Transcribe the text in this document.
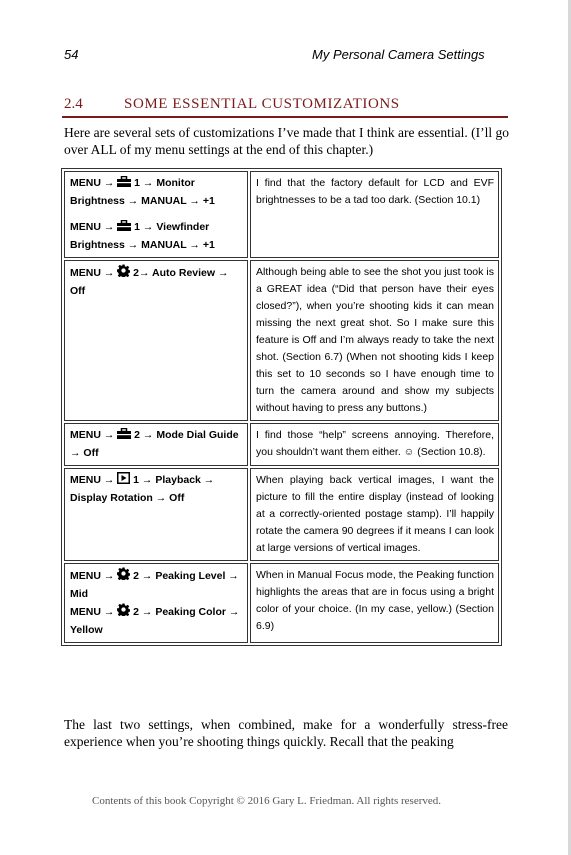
54	My Personal Camera Settings
2.4	SOME ESSENTIAL CUSTOMIZATIONS
Here are several sets of customizations I’ve made that I think are essential. (I’ll go over ALL of my menu settings at the end of this chapter.)
MENU →  1 → Monitor Brightness → MANUAL → +1
MENU →  1 → Viewfinder Brightness → MANUAL → +1	I find that the factory default for LCD and EVF brightnesses to be a tad too dark. (Section 10.1)
MENU →  2→ Auto Review → Off	Although being able to see the shot you just took is a GREAT idea (“Did that person have their eyes closed?”), when you’re shooting kids it can mean missing the next great shot. So I make sure this feature is Off and I’m always ready to take the next shot. (Section 6.7) (When not shooting kids I keep this set to 10 seconds so I have enough time to turn the camera around and show my subjects without having to press any buttons.)
MENU →  2 → Mode Dial Guide → Off	I find those “help” screens annoying. Therefore, you shouldn’t want them either. ☺ (Section 10.8).
MENU →  1 → Playback → Display Rotation → Off	When playing back vertical images, I want the picture to fill the entire display (instead of looking at a correctly-oriented postage stamp). I’ll happily rotate the camera 90 degrees if it means I can look at large versions of vertical images.
MENU →  2 → Peaking Level → Mid
MENU →  2 → Peaking Color → Yellow	When in Manual Focus mode, the Peaking function highlights the areas that are in focus using a bright color of your choice. (In my case, yellow.) (Section 6.9)
The last two settings, when combined, make for a wonderfully stress-free experience when you’re shooting things quickly. Recall that the peaking
Contents of this book Copyright © 2016 Gary L. Friedman. All rights reserved.
